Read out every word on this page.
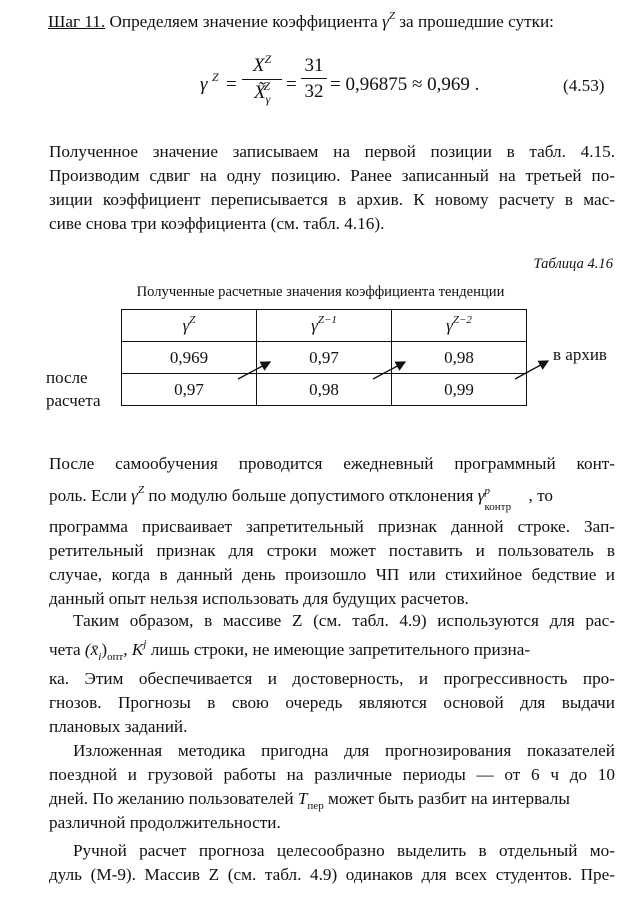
Шаг 11. Определяем значение коэффициента $\gamma^Z$ за прошедшие сутки:
γ $Z = \frac{X^Z}{X̃_\gamma^Z} = \frac{31}{32} = 0,96875 \approx 0,969$ .	(4.53)
Полученное значение записываем на первой позиции в табл. 4.15.
Производим сдвиг на одну позицию. Ранее записанный на третьей по-
зиции коэффициент переписывается в архив. К новому расчету в мас-
сиве снова три коэффициента (см. табл. 4.16).
Таблица 4.16
Полученные расчетные значения коэффициента тенденции
$\gamma^Z$	$\gamma^{Z-1}$	$\gamma^{Z-2}$
0,969	0,97	0,98
0,97	0,98	0,99
после
расчета
в архив
После самообучения проводится ежедневный программный конт-
роль. Если $\gamma^Z$ по модулю больше допустимого отклонения γ p
контр
, то
программа присваивает запретительный признак данной строке. Зап-
ретительный признак для строки может поставить и пользователь в
случае, когда в данный день произошло ЧП или стихийное бедствие и
данный опыт нельзя использовать для будущих расчетов.
Таким образом, в массиве Z (см. табл. 4.9) используются для рас-
чета $(x̄_i)_{опт}$, $K^j$ лишь строки, не имеющие запретительного призна-
ка. Этим обеспечивается и достоверность, и прогрессивность про-
гнозов. Прогнозы в свою очередь являются основой для выдачи
плановых заданий.
Изложенная методика пригодна для прогнозирования показателей
поездной и грузовой работы на различные периоды — от 6 ч до 10
дней. По желанию пользователей $T_{пер}$ может быть разбит на интервалы
различной продолжительности.
Ручной расчет прогноза целесообразно выделить в отдельный мо-
дуль (М-9). Массив Z (см. табл. 4.9) одинаков для всех студентов. Пре-
